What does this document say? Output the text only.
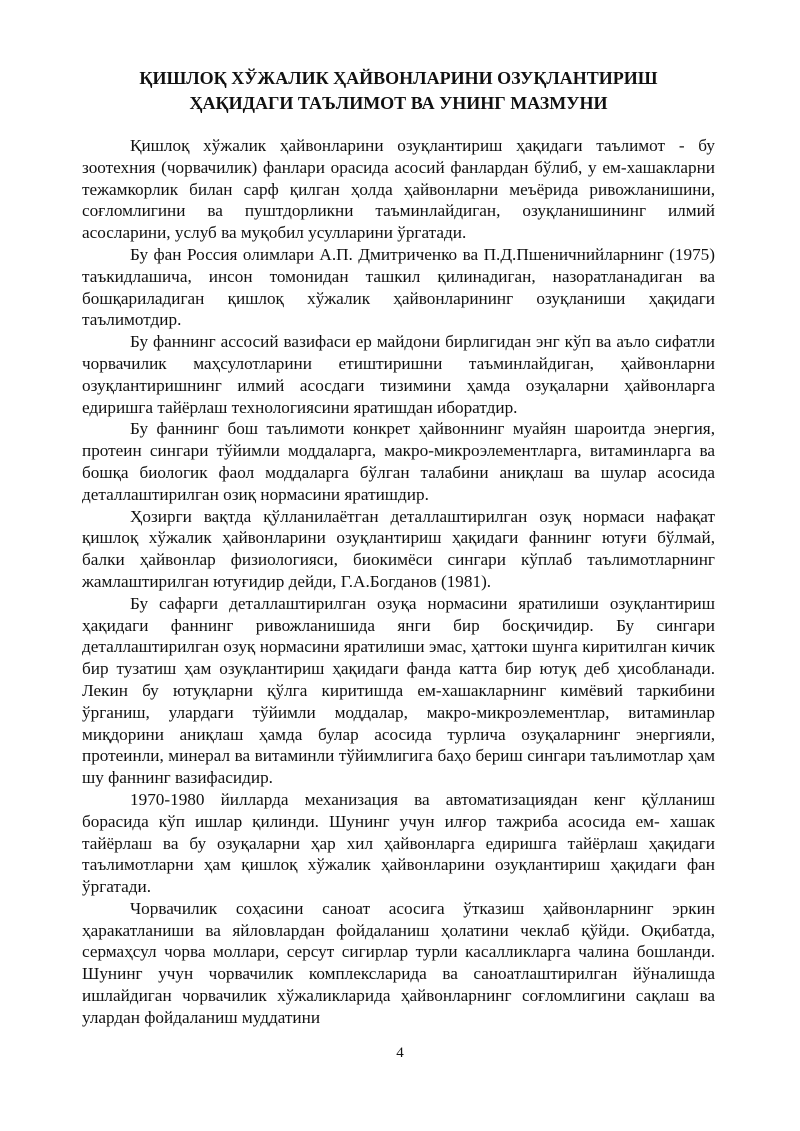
ҚИШЛОҚ ХЎЖАЛИК ҲАЙВОНЛАРИНИ ОЗУҚЛАНТИРИШ
ҲАҚИДАГИ ТАЪЛИМОТ ВА УНИНГ МАЗМУНИ

Қишлоқ хўжалик ҳайвонларини озуқлантириш ҳақидаги таълимот - бу зоотехния (чорвачилик) фанлари орасида асосий фанлардан бўлиб, у ем-хашакларни тежамкорлик билан сарф қилган ҳолда ҳайвонларни меъёрида ривожланишини, соғломлигини ва пуштдорликни таъминлайдиган, озуқланишининг илмий асосларини, услуб ва муқобил усулларини ўргатади.

Бу фан Россия олимлари А.П. Дмитриченко ва П.Д.Пшеничнийларнинг (1975) таъкидлашича, инсон томонидан ташкил қилинадиган, назоратланадиган ва бошқариладиган қишлоқ хўжалик ҳайвонларининг озуқланиши ҳақидаги таълимотдир.

Бу фаннинг ассосий вазифаси ер майдони бирлигидан энг кўп ва аъло сифатли чорвачилик маҳсулотларини етиштиришни таъминлайдиган, ҳайвонларни озуқлантиришнинг илмий асосдаги тизимини ҳамда озуқаларни ҳайвонларга едиришга тайёрлаш технологиясини яратишдан иборатдир.

Бу фаннинг бош таълимоти конкрет ҳайвоннинг муайян шароитда энергия, протеин сингари тўйимли моддаларга, макро-микроэлементларга, витаминларга ва бошқа биологик фаол моддаларга бўлган талабини аниқлаш ва шулар асосида деталлаштирилган озиқ нормасини яратишдир.

Ҳозирги вақтда қўлланилаётган деталлаштирилган озуқ нормаси нафақат қишлоқ хўжалик ҳайвонларини озуқлантириш ҳақидаги фаннинг ютуғи бўлмай, балки ҳайвонлар физиологияси, биокимёси сингари кўплаб таълимотларнинг жамлаштирилган ютуғидир дейди, Г.А.Богданов (1981).

Бу сафарги деталлаштирилган озуқа нормасини яратилиши озуқлантириш ҳақидаги фаннинг ривожланишида янги бир босқичидир. Бу сингари деталлаштирилган озуқ нормасини яратилиши эмас, ҳаттоки шунга киритилган кичик бир тузатиш ҳам озуқлантириш ҳақидаги фанда катта бир ютуқ деб ҳисобланади. Лекин бу ютуқларни қўлга киритишда ем-хашакларнинг кимёвий таркибини ўрганиш, улардаги тўйимли моддалар, макро-микроэлементлар, витаминлар миқдорини аниқлаш ҳамда булар асосида турлича озуқаларнинг энергияли, протеинли, минерал ва витаминли тўйимлигига баҳо бериш сингари таълимотлар ҳам шу фаннинг вазифасидир.

1970-1980 йилларда механизация ва автоматизациядан кенг қўлланиш борасида кўп ишлар қилинди. Шунинг учун илғор тажриба асосида ем- хашак тайёрлаш ва бу озуқаларни ҳар хил ҳайвонларга едиришга тайёрлаш ҳақидаги таълимотларни ҳам қишлоқ хўжалик ҳайвонларини озуқлантириш ҳақидаги фан ўргатади.

Чорвачилик соҳасини саноат асосига ўтказиш ҳайвонларнинг эркин ҳаракатланиши ва яйловлардан фойдаланиш ҳолатини чеклаб қўйди. Оқибатда, сермаҳсул чорва моллари, серсут сигирлар турли касалликларга чалина бошланди. Шунинг учун чорвачилик комплексларида ва саноатлаштирилган йўналишда ишлайдиган чорвачилик хўжаликларида ҳайвонларнинг соғломлигини сақлаш ва улардан фойдаланиш муддатини

4
